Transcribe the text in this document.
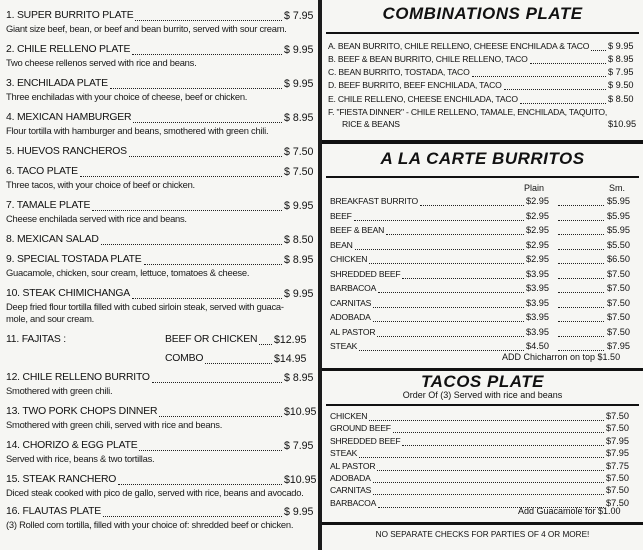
1. SUPER BURRITO PLATE	$ 7.95
Giant size beef, bean, or beef and bean burrito, served with sour cream.
2. CHILE RELLENO PLATE	$ 9.95
Two cheese rellenos served with rice and beans.
3. ENCHILADA PLATE	$ 9.95
Three enchiladas with your choice of cheese, beef or chicken.
4. MEXICAN HAMBURGER	$ 8.95
Flour tortilla with hamburger and beans, smothered with green chili.
5. HUEVOS RANCHEROS	$ 7.50
6. TACO PLATE	$ 7.50
Three tacos, with your choice of beef or chicken.
7. TAMALE PLATE	$ 9.95
Cheese enchilada served with rice and beans.
8. MEXICAN SALAD	$ 8.50
9. SPECIAL TOSTADA PLATE	$ 8.95
Guacamole, chicken, sour cream, lettuce, tomatoes & cheese.
10. STEAK CHIMICHANGA	$ 9.95
Deep fried flour tortilla filled with cubed sirloin steak, served with guaca-
mole, and sour cream.
12. CHILE RELLENO BURRITO	$ 8.95
Smothered with green chili.
13. TWO PORK CHOPS DINNER	$10.95
Smothered with green chili, served with rice and beans.
14. CHORIZO & EGG PLATE	$ 7.95
Served with rice, beans & two tortillas.
15. STEAK RANCHERO	$10.95
Diced steak cooked with pico de gallo, served with rice, beans and avocado.
16. FLAUTAS PLATE	$ 9.95
(3) Rolled corn tortilla, filled with your choice of: shredded beef or chicken.
11. FAJITAS :	BEEF OR CHICKEN $12.95
COMBO	$14.95
COMBINATIONS PLATE
A LA CARTE BURRITOS
Plain	Sm.
TACOS PLATE
Order Of (3) Served with rice and beans
NO SEPARATE CHECKS FOR PARTIES OF 4 OR MORE!
A. BEAN BURRITO, CHILE RELLENO, CHEESE ENCHILADA & TACO $ 9.95
B. BEEF & BEAN BURRITO, CHILE RELLENO, TACO	$ 8.95
C. BEAN BURRITO, TOSTADA, TACO	$ 7.95
D. BEEF BURRITO, BEEF ENCHILADA, TACO	$ 9.50
E. CHILE RELLENO, CHEESE ENCHILADA, TACO	$ 8.50
F. "FIESTA DINNER" - CHILE RELLENO, TAMALE, ENCHILADA, TAQUITO,
RICE & BEANS	$10.95
BREAKFAST BURRITO	$2.95	$5.95
BEEF	$2.95	$5.95
BEEF & BEAN	$2.95	$5.95
BEAN	$2.95	$5.50
CHICKEN	$2.95	$6.50
SHREDDED BEEF	$3.95	$7.50
BARBACOA	$3.95	$7.50
CARNITAS	$3.95	$7.50
ADOBADA	$3.95	$7.50
AL PASTOR	$3.95	$7.50
STEAK	$4.50	$7.95
ADD Chicharron on top $1.50
CHICKEN	$7.50
GROUND BEEF	$7.50
SHREDDED BEEF	$7.95
STEAK	$7.95
AL PASTOR	$7.75
ADOBADA	$7.50
CARNITAS	$7.50
BARBACOA	$7.50
Add Guacamole for $1.00
